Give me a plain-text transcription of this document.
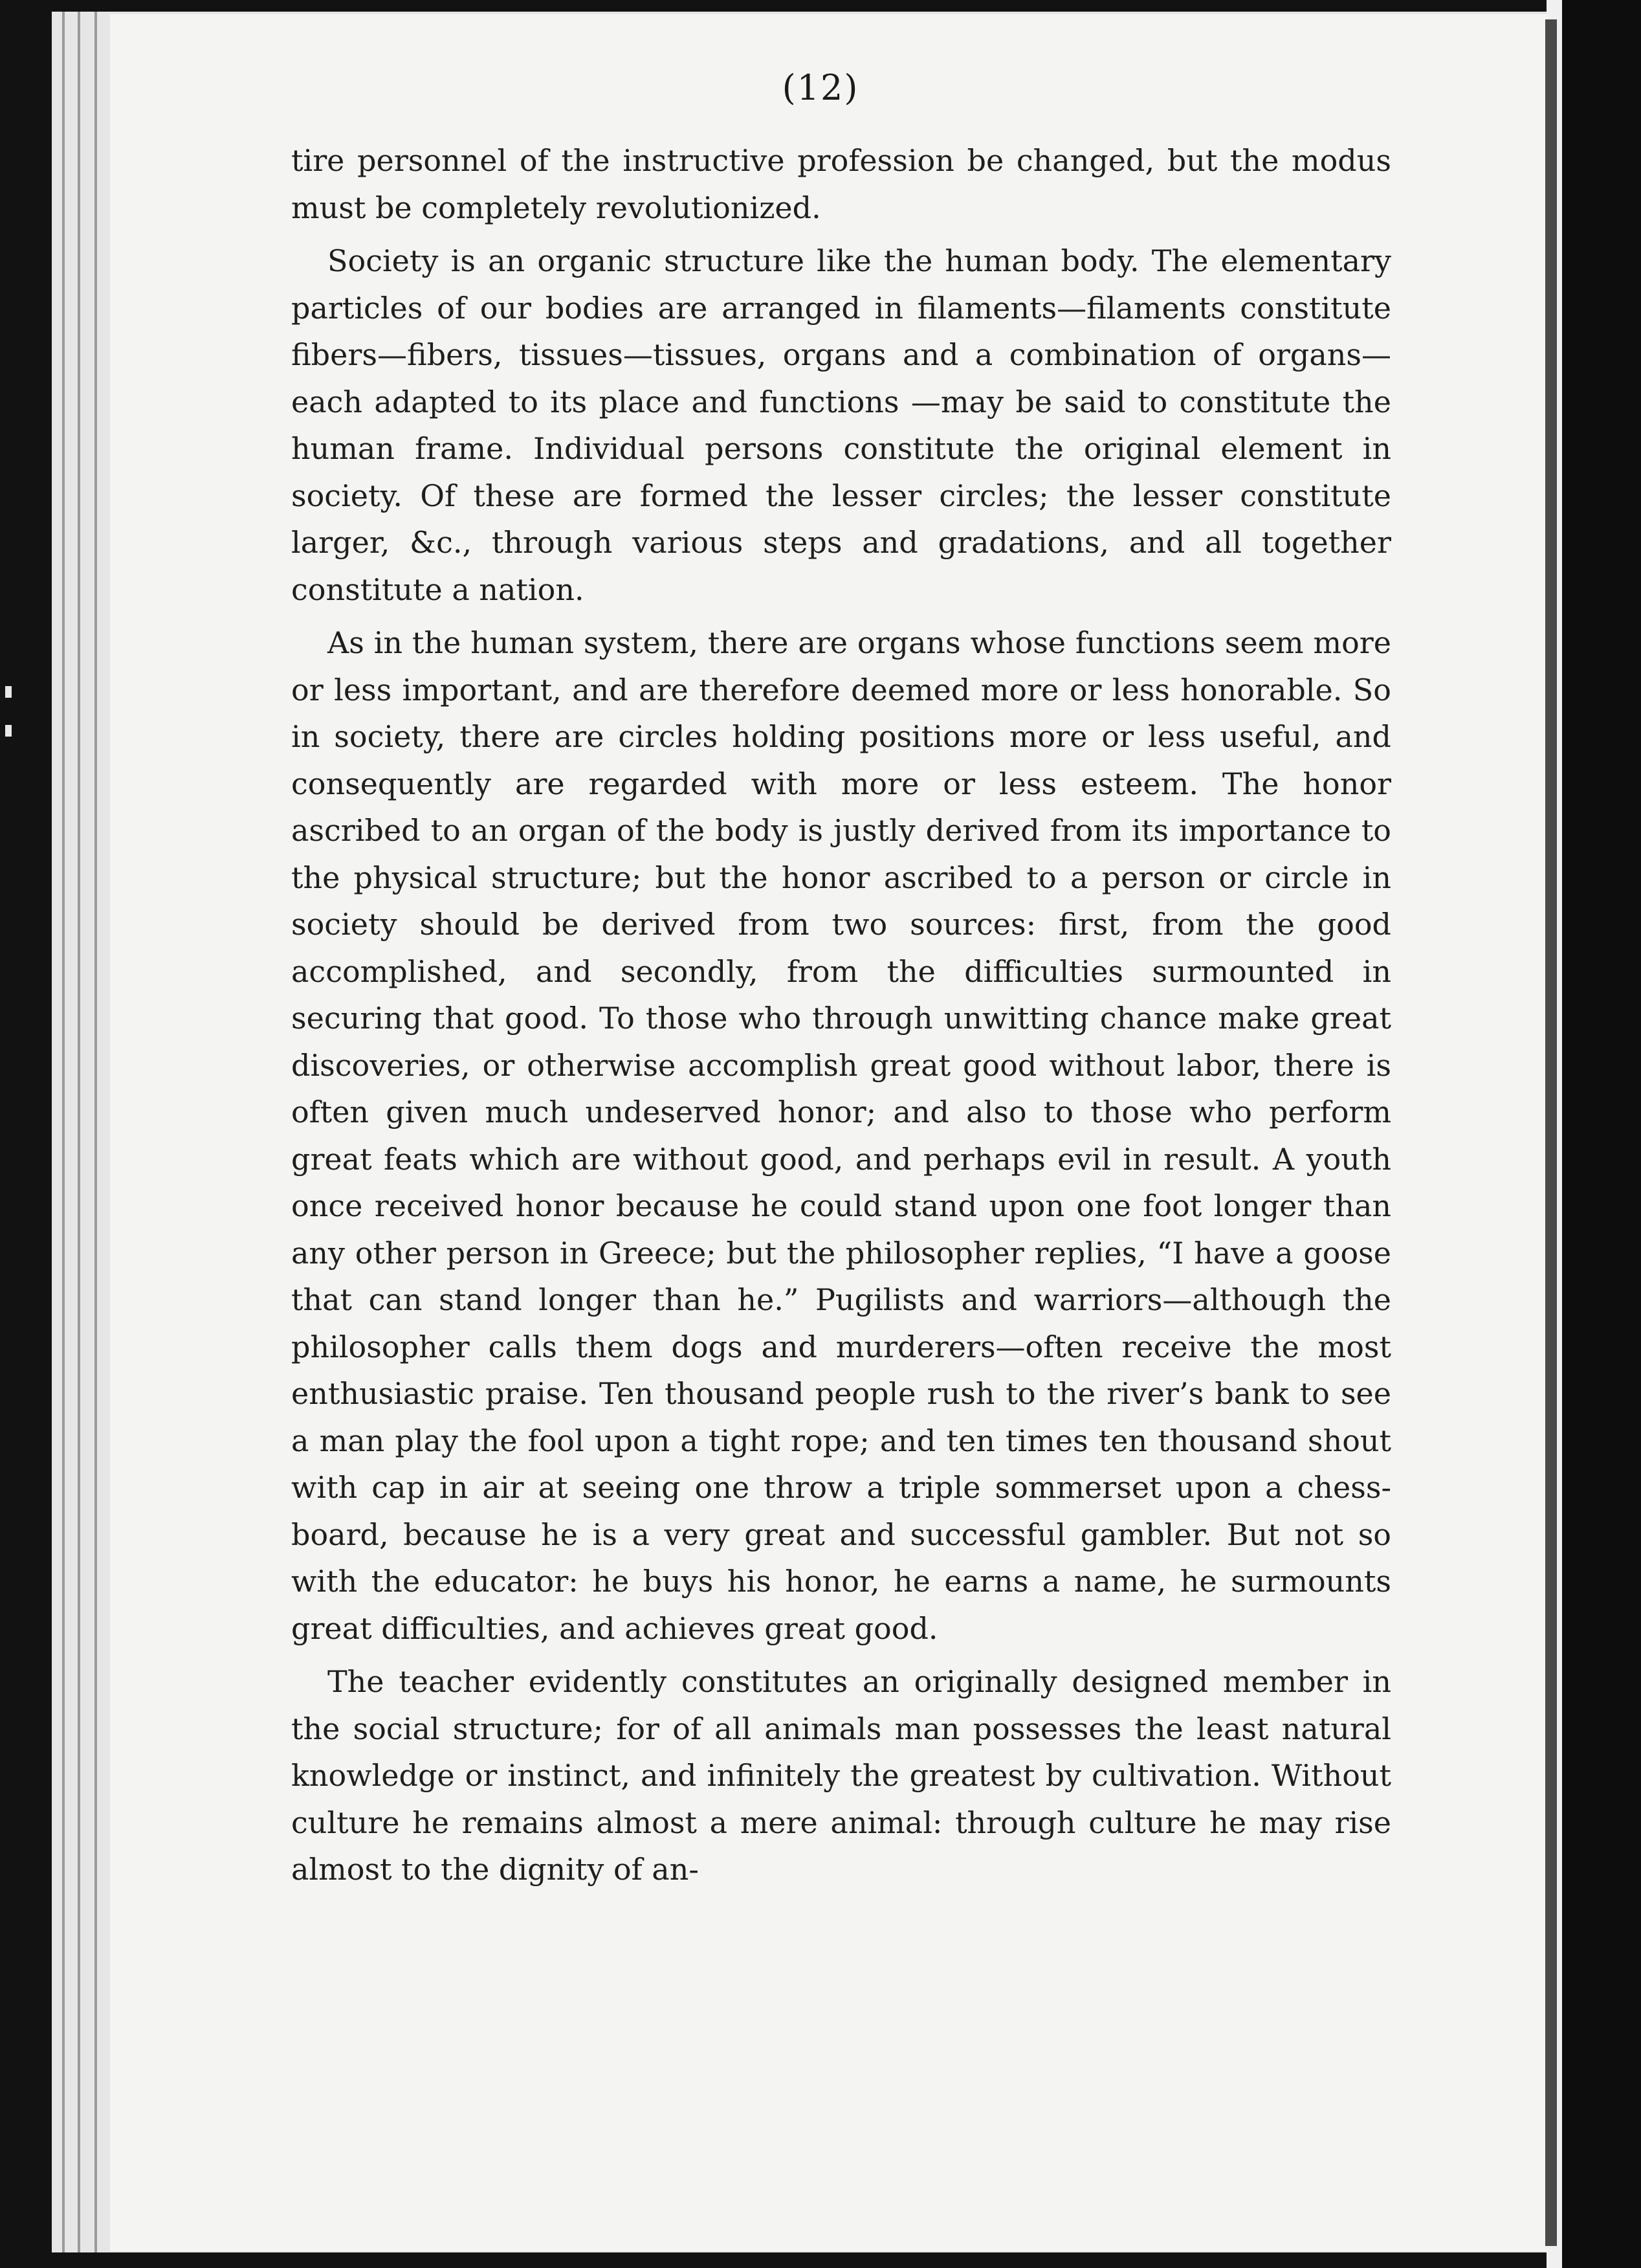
(12)

tire personnel of the instructive profession be changed, but the modus must be completely revolutionized.

Society is an organic structure like the human body. The elementary particles of our bodies are arranged in filaments—filaments constitute fibers—fibers, tissues—tissues, organs and a combination of organs—each adapted to its place and functions —may be said to constitute the human frame. Individual persons constitute the original element in society. Of these are formed the lesser circles; the lesser constitute larger, &c., through various steps and gradations, and all together constitute a nation.

As in the human system, there are organs whose functions seem more or less important, and are therefore deemed more or less honorable. So in society, there are circles holding positions more or less useful, and consequently are regarded with more or less esteem. The honor ascribed to an organ of the body is justly derived from its importance to the physical structure; but the honor ascribed to a person or circle in society should be derived from two sources: first, from the good accomplished, and secondly, from the difficulties surmounted in securing that good. To those who through unwitting chance make great discoveries, or otherwise accomplish great good without labor, there is often given much undeserved honor; and also to those who perform great feats which are without good, and perhaps evil in result. A youth once received honor because he could stand upon one foot longer than any other person in Greece; but the philosopher replies, “I have a goose that can stand longer than he.” Pugilists and warriors—although the philosopher calls them dogs and murderers—often receive the most enthusiastic praise. Ten thousand people rush to the river’s bank to see a man play the fool upon a tight rope; and ten times ten thousand shout with cap in air at seeing one throw a triple sommerset upon a chess-board, because he is a very great and successful gambler. But not so with the educator: he buys his honor, he earns a name, he surmounts great difficulties, and achieves great good.

The teacher evidently constitutes an originally designed member in the social structure; for of all animals man possesses the least natural knowledge or instinct, and infinitely the greatest by cultivation. Without culture he remains almost a mere animal: through culture he may rise almost to the dignity of an-
